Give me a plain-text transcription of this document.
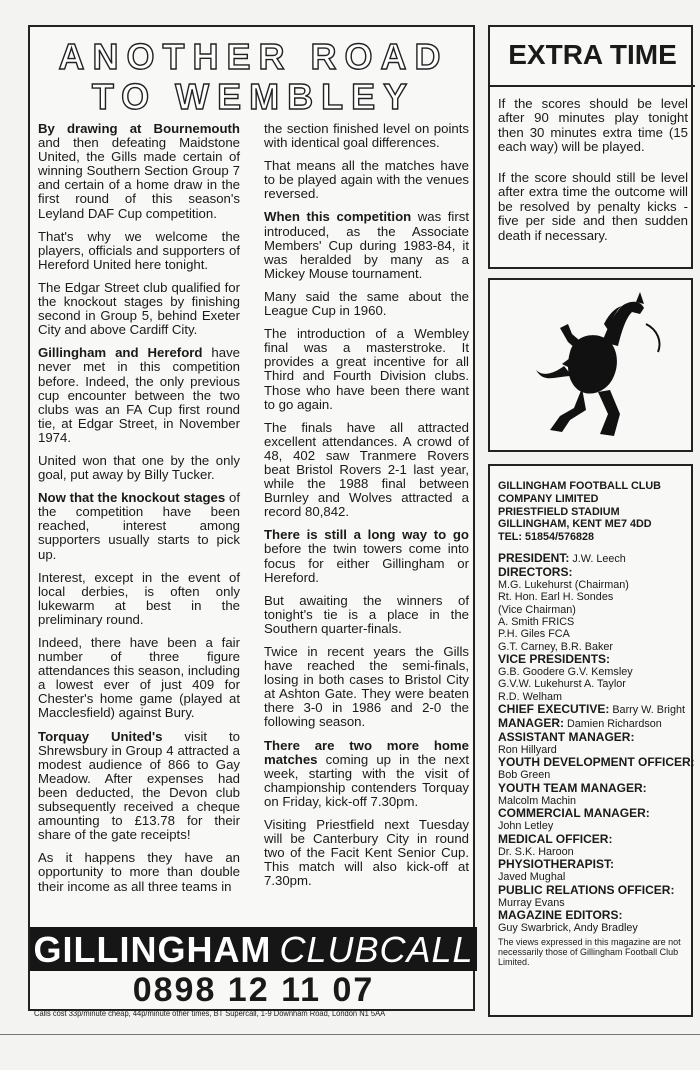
ANOTHER ROAD
TO WEMBLEY

By drawing at Bournemouth and then defeating Maidstone United, the Gills made certain of winning Southern Section Group 7 and certain of a home draw in the first round of this season's Leyland DAF Cup competition.

That's why we welcome the players, officials and supporters of Hereford United here tonight.

The Edgar Street club qualified for the knockout stages by finishing second in Group 5, behind Exeter City and above Cardiff City.

Gillingham and Hereford have never met in this competition before. Indeed, the only previous cup encounter between the two clubs was an FA Cup first round tie, at Edgar Street, in November 1974.

United won that one by the only goal, put away by Billy Tucker.

Now that the knockout stages of the competition have been reached, interest among supporters usually starts to pick up.

Interest, except in the event of local derbies, is often only lukewarm at best in the preliminary round.

Indeed, there have been a fair number of three figure attendances this season, including a lowest ever of just 409 for Chester's home game (played at Macclesfield) against Bury.

Torquay United's visit to Shrewsbury in Group 4 attracted a modest audience of 866 to Gay Meadow. After expenses had been deducted, the Devon club subsequently received a cheque amounting to £13.78 for their share of the gate receipts!

As it happens they have an opportunity to more than double their income as all three teams in

the section finished level on points with identical goal differences.

That means all the matches have to be played again with the venues reversed.

When this competition was first introduced, as the Associate Members' Cup during 1983-84, it was heralded by many as a Mickey Mouse tournament.

Many said the same about the League Cup in 1960.

The introduction of a Wembley final was a masterstroke. It provides a great incentive for all Third and Fourth Division clubs. Those who have been there want to go again.

The finals have all attracted excellent attendances. A crowd of 48, 402 saw Tranmere Rovers beat Bristol Rovers 2-1 last year, while the 1988 final between Burnley and Wolves attracted a record 80,842.

There is still a long way to go before the twin towers come into focus for either Gillingham or Hereford.

But awaiting the winners of tonight's tie is a place in the Southern quarter-finals.

Twice in recent years the Gills have reached the semi-finals, losing in both cases to Bristol City at Ashton Gate. They were beaten there 3-0 in 1986 and 2-0 the following season.

There are two more home matches coming up in the next week, starting with the visit of championship contenders Torquay on Friday, kick-off 7.30pm.

Visiting Priestfield next Tuesday will be Canterbury City in round two of the Facit Kent Senior Cup. This match will also kick-off at 7.30pm.

GILLINGHAM CLUBCALL
0898 12 11 07
Calls cost 33p/minute cheap, 44p/minute other times, BT Supercall, 1-9 Downham Road, London N1 5AA
EXTRA TIME
If the scores should be level after 90 minutes play tonight then 30 minutes extra time (15 each way) will be played.
If the score should still be level after extra time the outcome will be resolved by penalty kicks - five per side and then sudden death if necessary.
GILLINGHAM FOOTBALL CLUB
COMPANY LIMITED
PRIESTFIELD STADIUM
GILLINGHAM, KENT ME7 4DD
TEL: 51854/576828
PRESIDENT: J.W. Leech
DIRECTORS:
M.G. Lukehurst (Chairman)
Rt. Hon. Earl H. Sondes
(Vice Chairman)
A. Smith FRICS
P.H. Giles FCA
G.T. Carney, B.R. Baker
VICE PRESIDENTS:
G.B. Goodere G.V. Kemsley
G.V.W. Lukehurst A. Taylor
R.D. Welham
CHIEF EXECUTIVE: Barry W. Bright
MANAGER: Damien Richardson
ASSISTANT MANAGER:
Ron Hillyard
YOUTH DEVELOPMENT OFFICER:
Bob Green
YOUTH TEAM MANAGER:
Malcolm Machin
COMMERCIAL MANAGER:
John Letley
MEDICAL OFFICER:
Dr. S.K. Haroon
PHYSIOTHERAPIST:
Javed Mughal
PUBLIC RELATIONS OFFICER:
Murray Evans
MAGAZINE EDITORS:
Guy Swarbrick, Andy Bradley
The views expressed in this magazine are not necessarily those of Gillingham Football Club Limited.
